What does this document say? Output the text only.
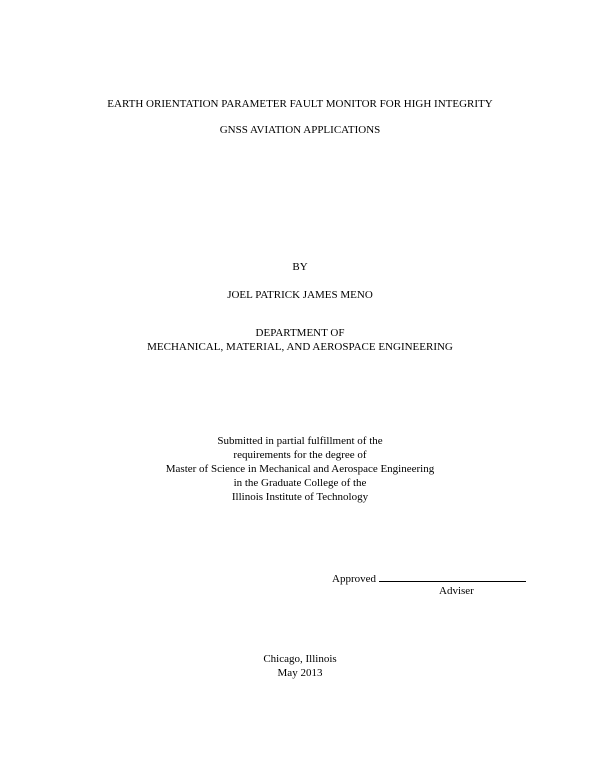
EARTH ORIENTATION PARAMETER FAULT MONITOR FOR HIGH INTEGRITY
GNSS AVIATION APPLICATIONS
BY
JOEL PATRICK JAMES MENO
DEPARTMENT OF
MECHANICAL, MATERIAL, AND AEROSPACE ENGINEERING
Submitted in partial fulfillment of the
requirements for the degree of
Master of Science in Mechanical and Aerospace Engineering
in the Graduate College of the
Illinois Institute of Technology
Approved
Adviser
Chicago, Illinois
May 2013
